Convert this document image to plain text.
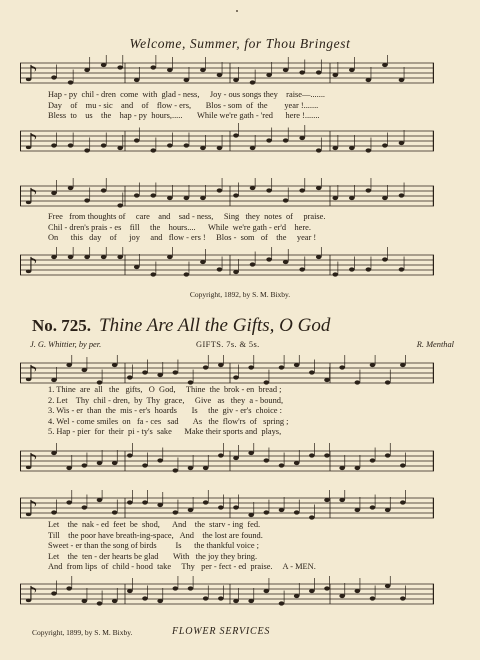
Welcome, Summer, for Thou Bringest
♪
Hap - py  chil - dren  come  with  glad - ness,     Joy - ous songs they    raise—.......
Day    of    mu - sic    and    of    flow - ers,       Blos - som  of  the        year !.......
Bless  to    us    the    hap - py  hours,.....       While we're gath - 'red      here !.......
♪
♪
Free   from thoughts of     care    and    sad - ness,     Sing   they  notes  of     praise.
Chil - dren's prais - es    fill     the    hours....      While  we're gath - er'd    here.
On      this   day    of      joy     and   flow - ers !     Blos -  som   of    the     year !
♪
Copyright, 1892, by S. M. Bixby.
No. 725. Thine Are All the Gifts, O God
J. G. Whittier, by per.	GIFTS. 7s. & 5s.	R. Menthal
♪
1. Thine  are  all   the   gifts,   O  God,     Thine  the  brok - en  bread ;
2. Let    Thy  chil - dren,  by  Thy  grace,     Give   as   they  a - bound,
3. Wis - er  than  the  mis - er's  hoards       Is     the  giv - er's  choice :
4. Wel - come smiles  on   fa - ces   sad       As   the  flow'rs  of   spring ;
5. Hap - pier  for  their  pi - ty's  sake      Make their sports and  plays,
♪
♪
Let    the  nak - ed  feet  be  shod,      And    the  starv - ing  fed.
Till    the poor have breath-ing-space,   And    the lost are found.
Sweet - er than the song of birds         Is      the thankful voice ;
Let    the  ten - der hearts be glad       With   the joy they bring.
And  from lips  of  child - hood  take     Thy   per - fect - ed  praise.     A - MEN.
♪
Copyright, 1899, by S. M. Bixby.	FLOWER SERVICES
